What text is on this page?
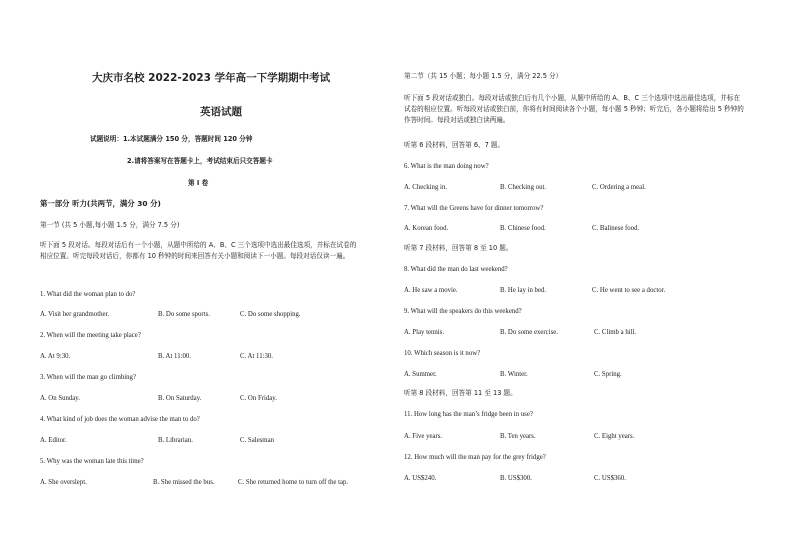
大庆市名校 2022-2023 学年高一下学期期中考试
英语试题
试题说明：1.本试题满分 150 分，答题时间 120 分钟
2.请将答案写在答题卡上，考试结束后只交答题卡
第 I 卷
第一部分 听力(共两节，满分 30 分)
第一节 (共 5 小题,每小题 1.5 分，满分 7.5 分)
听下面 5 段对话。每段对话后有一个小题，从题中所给的 A、B、C 三个选项中选出最佳选项，并标在试卷的相应位置。听完每段对话后，你都有 10 秒钟的时间来回答有关小题和阅读下一小题。每段对话仅读一遍。
1. What did the woman plan to do?
A. Visit her grandmother.	B. Do some sports.	C. Do some shopping.
2. When will the meeting take place?
A. At 9:30.	B. At 11:00.	C. At 11:30.
3. When will the man go climbing?
A. On Sunday.	B. On Saturday.	C. On Friday.
4. What kind of job does the woman advise the man to do?
A. Editor.	B. Librarian.	C. Salesman
5. Why was the woman late this time?
A. She overslept.	B. She missed the bus.	C. She returned home to turn off the tap.
第二节（共 15 小题；每小题 1.5 分，满分 22.5 分）
听下面 5 段对话或独白。每段对话或独白后有几个小题，从题中所给的 A、B、C 三个选项中选出最佳选项，并标在试卷的相应位置。听每段对话或独白前，你将有时间阅读各个小题，每小题 5 秒钟；听完后，各小题将给出 5 秒钟的作答时间。每段对话或独白读两遍。
听第 6 段材料，回答第 6、7 题。
6. What is the man doing now?
A. Checking in.	B. Checking out.	C. Ordering a meal.
7. What will the Greens have for dinner tomorrow?
A. Korean food.	B. Chinese food.	C. Balinese food.
听第 7 段材料，回答第 8 至 10 题。
8. What did the man do last weekend?
A. He saw a movie.	B. He lay in bed.	C. He went to see a doctor.
9. What will the speakers do this weekend?
A. Play tennis.	B. Do some exercise.	C. Climb a hill.
10. Which season is it now?
A. Summer.	B. Winter.	C. Spring.
听第 8 段材料，回答第 11 至 13 题。
11. How long has the man’s fridge been in use?
A. Five years.	B. Ten years.	C. Eight years.
12. How much will the man pay for the grey fridge?
A. US$240.	B. US$300.	C. US$360.
